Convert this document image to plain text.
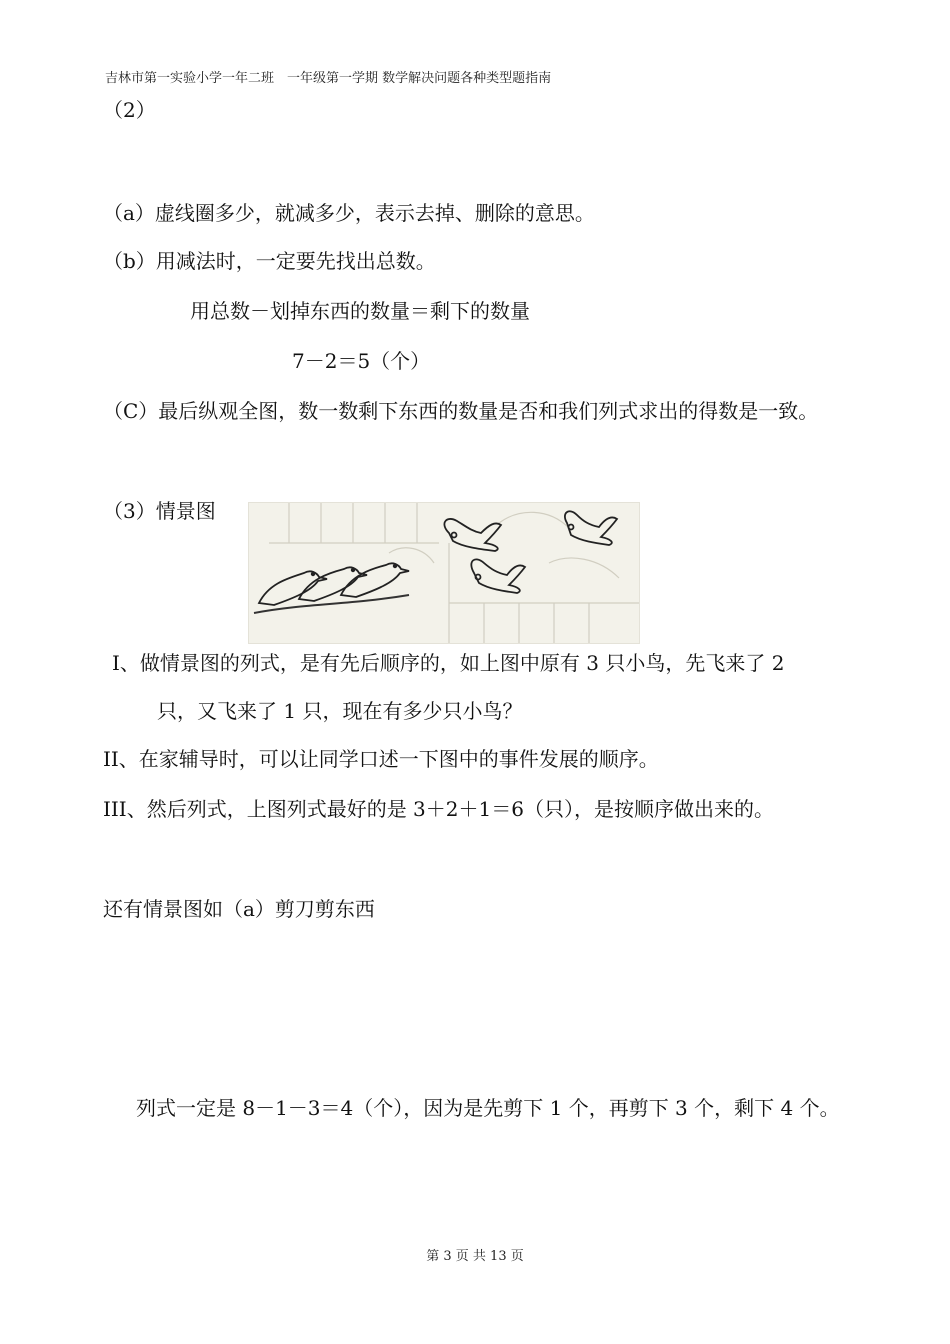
吉林市第一实验小学一年二班　一年级第一学期 数学解决问题各种类型题指南
（2）
（a）虚线圈多少，就减多少，表示去掉、删除的意思。
（b）用减法时，一定要先找出总数。
用总数－划掉东西的数量＝剩下的数量
7－2＝5（个）
（C）最后纵观全图，数一数剩下东西的数量是否和我们列式求出的得数是一致。
（3）情景图
I、做情景图的列式，是有先后顺序的，如上图中原有 3 只小鸟，先飞来了 2
只，又飞来了 1 只，现在有多少只小鸟？
II、在家辅导时，可以让同学口述一下图中的事件发展的顺序。
III、然后列式，上图列式最好的是 3＋2＋1＝6（只），是按顺序做出来的。
还有情景图如（a）剪刀剪东西
列式一定是 8－1－3＝4（个），因为是先剪下 1 个，再剪下 3 个，剩下 4 个。
第 3 页 共 13 页
